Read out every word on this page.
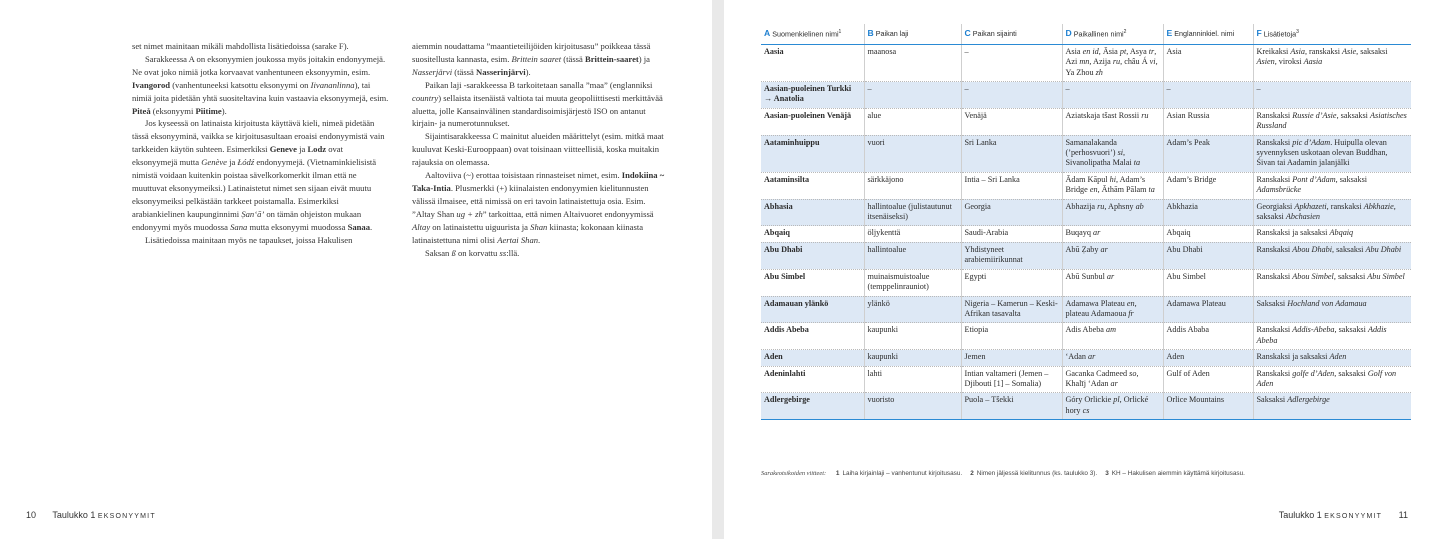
set nimet mainitaan mikäli mahdollista lisätiedoissa (sarake F).

Sarakkeessa A on eksonyymien joukossa myös joitakin endonyymejä. Ne ovat joko nimiä jotka korvaavat vanhentuneen eksonyymin, esim. Ivangorod (vanhentuneeksi katsottu eksonyymi on Iivananlinna), tai nimiä joita pidetään yhtä suositeltavina kuin vastaavia eksonyymejä, esim. Piteå (eksonyymi Piitime).

Jos kyseessä on latinaista kirjoitusta käyttävä kieli, nimeä pidetään tässä eksonyyminä, vaikka se kirjoitusasultaan eroaisi endonyymistä vain tarkkeiden käytön suhteen. Esimerkiksi Geneve ja Lodz ovat eksonyymejä mutta Genève ja Łódź endonyymejä. (Vietnaminkielisistä nimistä voidaan kuitenkin poistaa sävelkorkomerkit ilman että ne muuttuvat eksonyymeiksi.) Latinaistetut nimet sen sijaan eivät muutu eksonyymeiksi pelkästään tarkkeet poistamalla. Esimerkiksi arabiankielinen kaupunginnimi Ṣan‘ā’ on tämän ohjeiston mukaan endonyymi myös muodossa Sana mutta eksonyymi muodossa Sanaa.

Lisätiedoissa mainitaan myös ne tapaukset, joissa Hakulisen

aiemmin noudattama ”maantieteilijöiden kirjoitusasu” poikkeaa tässä suositellusta kannasta, esim. Brittein saaret (tässä Brittein-saaret) ja Nasserjärvi (tässä Nasserinjärvi).

Paikan laji -sarakkeessa B tarkoitetaan sanalla ”maa” (englanniksi country) sellaista itsenäistä valtiota tai muuta geopoliittisesti merkittävää aluetta, jolle Kansainvälinen standardisoimisjärjestö ISO on antanut kirjain- ja numerotunnukset.

Sijaintisarakkeessa C mainitut alueiden määrittelyt (esim. mitkä maat kuuluvat Keski-Eurooppaan) ovat toisinaan viitteellisiä, koska muitakin rajauksia on olemassa.

Aaltoviiva (~) erottaa toisistaan rinnasteiset nimet, esim. Indokiina ~ Taka-Intia. Plusmerkki (+) kiinalaisten endonyymien kielitunnusten välissä ilmaisee, että nimissä on eri tavoin latinaistettuja osia. Esim. ”Altay Shan ug + zh” tarkoittaa, että nimen Altaivuoret endonyymissä Altay on latinaistettu uiguurista ja Shan kiinasta; kokonaan kiinasta latinaistettuna nimi olisi Aertai Shan.

Saksan ß on korvattu ss:llä.

10 Taulukko 1 EKSONYYMIT
A Suomenkielinen nimi$^1$	B Paikan laji	C Paikan sijainti	D Paikallinen nimi$^2$	E Englanninkiel. nimi	F Lisätietoja$^3$
Aasia	maanosa	–	Asia en id, Āsia pt, Asya tr, Azi mn, Azija ru, châu Á vi, Ya Zhou zh	Asia	Kreikaksi Asia, ranskaksi Asie, saksaksi Asien, viroksi Aasia
Aasian-puoleinen Turkki → Anatolia	–	–	–	–	–
Aasian-puoleinen Venäjä	alue	Venäjä	Aziatskaja tšast Rossii ru	Asian Russia	Ranskaksi Russie d’Asie, saksaksi Asiatisches Russland
Aataminhuippu	vuori	Sri Lanka	Samanalakanda (’perhosvuori’) si, Sivanolipatha Malai ta	Adam’s Peak	Ranskaksi pic d’Adam. Huipulla olevan syvennyksen uskotaan olevan Buddhan, Śivan tai Aadamin jalanjälki
Aataminsilta	särkkäjono	Intia – Sri Lanka	Ādam Kāpul hi, Adam’s Bridge en, Āthām Pālam ta	Adam’s Bridge	Ranskaksi Pont d’Adam, saksaksi Adamsbrücke
Abhasia	hallintoalue (julistautunut itsenäiseksi)	Georgia	Abhazija ru, Aphsny ab	Abkhazia	Georgiaksi Apkhazeti, ranskaksi Abkhazie, saksaksi Abchasien
Abqaiq	öljykenttä	Saudi-Arabia	Buqayq ar	Abqaiq	Ranskaksi ja saksaksi Abqaiq
Abu Dhabi	hallintoalue	Yhdistyneet arabiemiirikunnat	Abū Ẓaby ar	Abu Dhabi	Ranskaksi Abou Dhabi, saksaksi Abu Dhabi
Abu Simbel	muinaismuistoalue (temppelinrauniot)	Egypti	Abū Sunbul ar	Abu Simbel	Ranskaksi Abou Simbel, saksaksi Abu Simbel
Adamauan ylänkö	ylänkö	Nigeria – Kamerun – Keski-Afrikan tasavalta	Adamawa Plateau en, plateau Adamaoua fr	Adamawa Plateau	Saksaksi Hochland von Adamaua
Addis Abeba	kaupunki	Etiopia	Adis Abeba am	Addis Ababa	Ranskaksi Addis-Abeba, saksaksi Addis Abeba
Aden	kaupunki	Jemen	‘Adan ar	Aden	Ranskaksi ja saksaksi Aden
Adeninlahti	lahti	Intian valtameri (Jemen – Djibouti [1] – Somalia)	Gacanka Cadmeed so, Khalīj ‘Adan ar	Gulf of Aden	Ranskaksi golfe d’Aden, saksaksi Golf von Aden
Adlergebirge	vuoristo	Puola – Tšekki	Góry Orlickie pl, Orlické hory cs	Orlice Mountains	Saksaksi Adlergebirge
Sarakeotsikoiden viitteet: 1 Laiha kirjainlaji – vanhentunut kirjoitusasu. 2 Nimen jäljessä kielitunnus (ks. taulukko 3). 3 KH – Hakulisen aiemmin käyttämä kirjoitusasu.
Taulukko 1 EKSONYYMIT 11
